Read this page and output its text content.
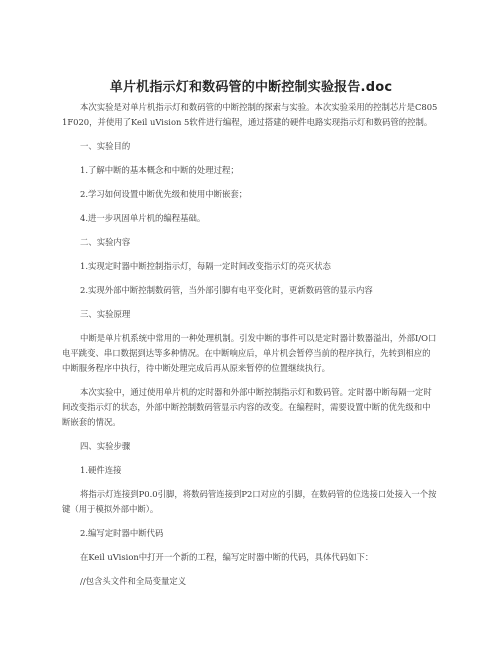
单片机指示灯和数码管的中断控制实验报告.doc

本次实验是对单片机指示灯和数码管的中断控制的探索与实验。本次实验采用的控制芯片是C8051F020，并使用了Keil uVision 5软件进行编程，通过搭建的硬件电路实现指示灯和数码管的控制。

一、实验目的

1.了解中断的基本概念和中断的处理过程；

2.学习如何设置中断优先级和使用中断嵌套；

4.进一步巩固单片机的编程基础。

二、实验内容

1.实现定时器中断控制指示灯，每隔一定时间改变指示灯的亮灭状态

2.实现外部中断控制数码管，当外部引脚有电平变化时，更新数码管的显示内容

三、实验原理

中断是单片机系统中常用的一种处理机制。引发中断的事件可以是定时器计数器溢出，外部I/O口电平跳变、串口数据到达等多种情况。在中断响应后，单片机会暂停当前的程序执行，先转到相应的中断服务程序中执行，待中断处理完成后再从原来暂停的位置继续执行。

本次实验中，通过使用单片机的定时器和外部中断控制指示灯和数码管。定时器中断每隔一定时间改变指示灯的状态，外部中断控制数码管显示内容的改变。在编程时，需要设置中断的优先级和中断嵌套的情况。

四、实验步骤

1.硬件连接

将指示灯连接到P0.0引脚，将数码管连接到P2口对应的引脚，在数码管的位选接口处接入一个按键（用于模拟外部中断）。

2.编写定时器中断代码

在Keil uVision中打开一个新的工程，编写定时器中断的代码，具体代码如下：

//包含头文件和全局变量定义
